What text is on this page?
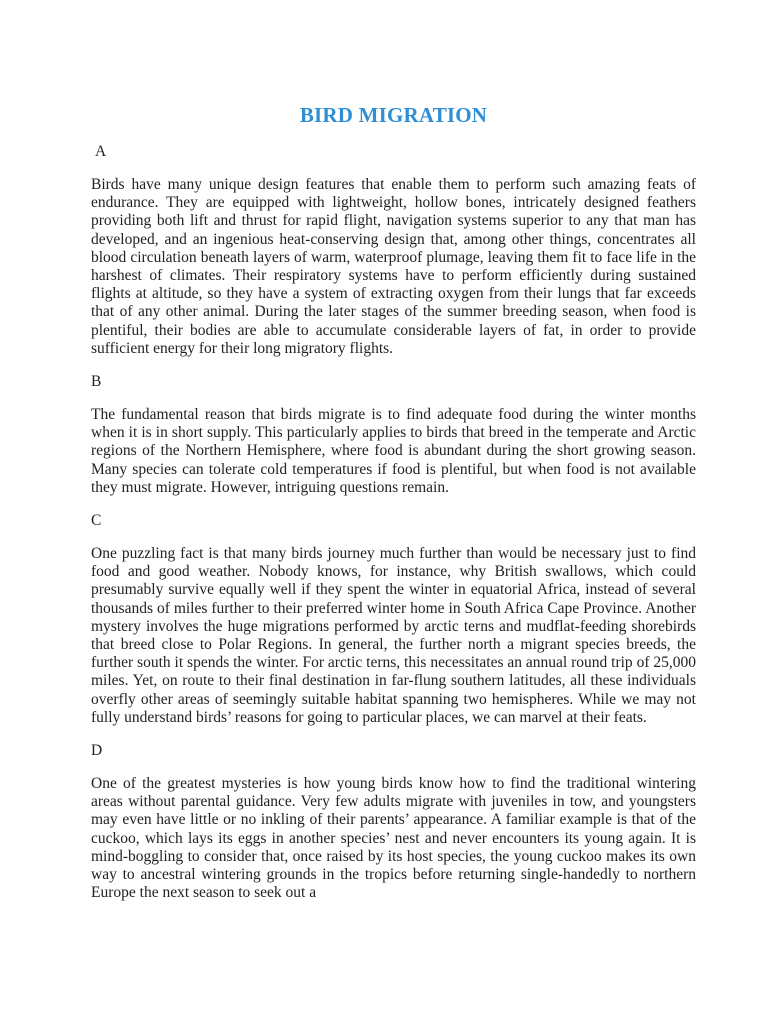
BIRD MIGRATION

A

Birds have many unique design features that enable them to perform such amazing feats of endurance. They are equipped with lightweight, hollow bones, intricately designed feathers providing both lift and thrust for rapid flight, navigation systems superior to any that man has developed, and an ingenious heat-conserving design that, among other things, concentrates all blood circulation beneath layers of warm, waterproof plumage, leaving them fit to face life in the harshest of climates. Their respiratory systems have to perform efficiently during sustained flights at altitude, so they have a system of extracting oxygen from their lungs that far exceeds that of any other animal. During the later stages of the summer breeding season, when food is plentiful, their bodies are able to accumulate considerable layers of fat, in order to provide sufficient energy for their long migratory flights.

B

The fundamental reason that birds migrate is to find adequate food during the winter months when it is in short supply. This particularly applies to birds that breed in the temperate and Arctic regions of the Northern Hemisphere, where food is abundant during the short growing season. Many species can tolerate cold temperatures if food is plentiful, but when food is not available they must migrate. However, intriguing questions remain.

C

One puzzling fact is that many birds journey much further than would be necessary just to find food and good weather. Nobody knows, for instance, why British swallows, which could presumably survive equally well if they spent the winter in equatorial Africa, instead of several thousands of miles further to their preferred winter home in South Africa Cape Province. Another mystery involves the huge migrations performed by arctic terns and mudflat-feeding shorebirds that breed close to Polar Regions. In general, the further north a migrant species breeds, the further south it spends the winter. For arctic terns, this necessitates an annual round trip of 25,000 miles. Yet, on route to their final destination in far-flung southern latitudes, all these individuals overfly other areas of seemingly suitable habitat spanning two hemispheres. While we may not fully understand birds’ reasons for going to particular places, we can marvel at their feats.

D

One of the greatest mysteries is how young birds know how to find the traditional wintering areas without parental guidance. Very few adults migrate with juveniles in tow, and youngsters may even have little or no inkling of their parents’ appearance. A familiar example is that of the cuckoo, which lays its eggs in another species’ nest and never encounters its young again. It is mind-boggling to consider that, once raised by its host species, the young cuckoo makes its own way to ancestral wintering grounds in the tropics before returning single-handedly to northern Europe the next season to seek out a
